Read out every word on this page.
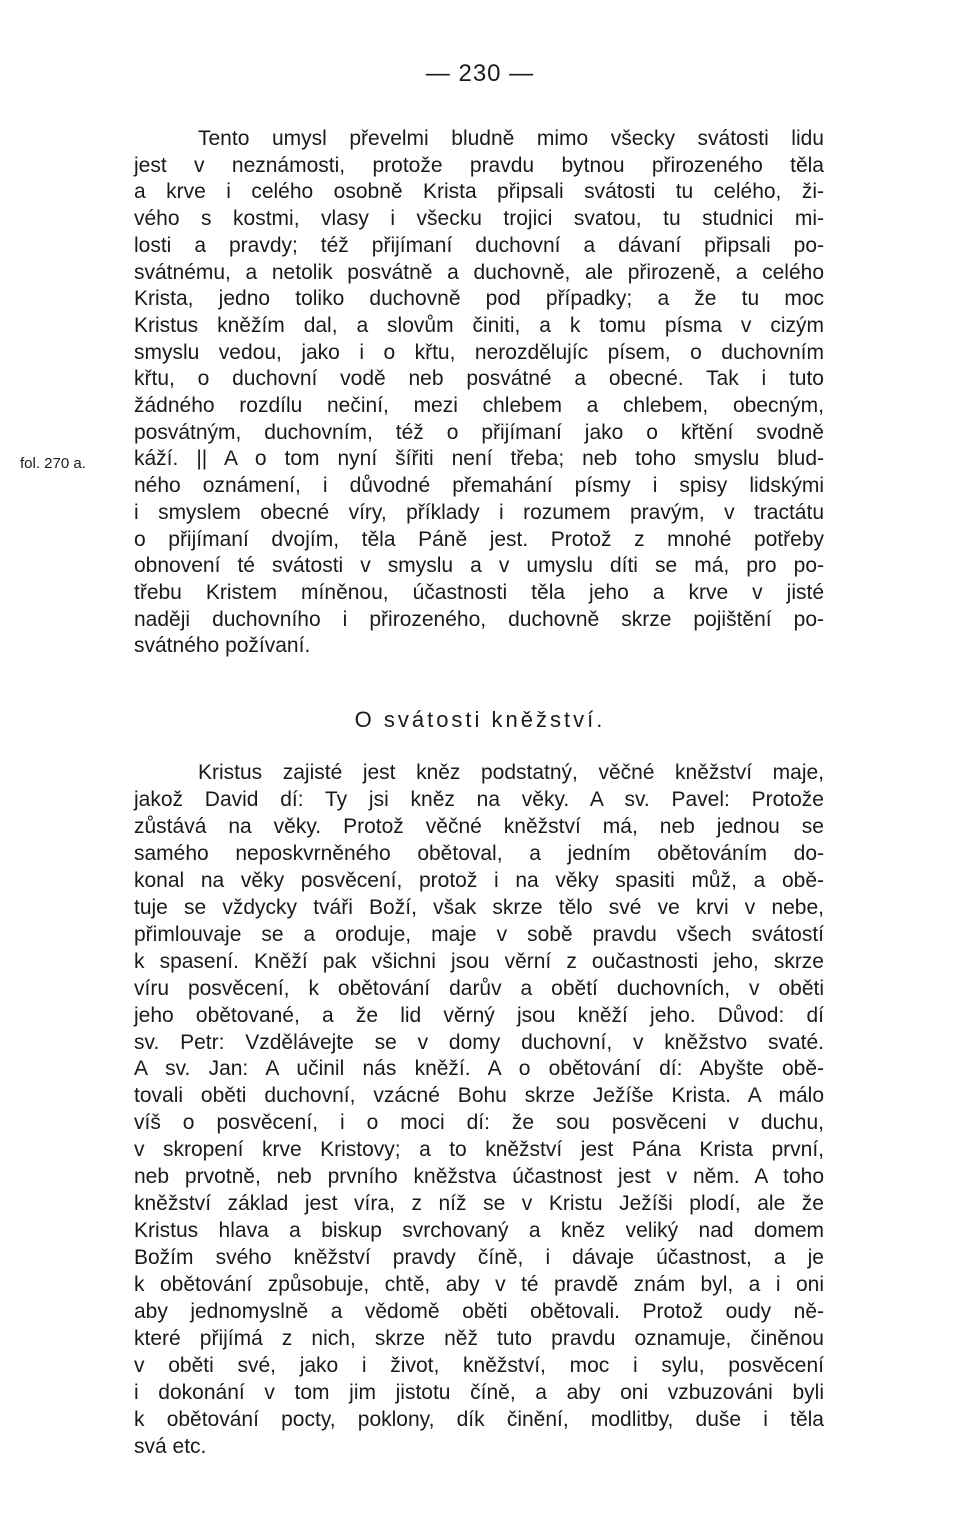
— 230 —
fol. 270 a.
Tento umysl převelmi bludně mimo všecky svátosti lidu
jest v neznámosti, protože pravdu bytnou přirozeného těla
a krve i celého osobně Krista připsali svátosti tu celého, ži-
vého s kostmi, vlasy i všecku trojici svatou, tu studnici mi-
losti a pravdy; též přijímaní duchovní a dávaní připsali po-
svátnému, a netolik posvátně a duchovně, ale přirozeně, a celého
Krista, jedno toliko duchovně pod případky; a že tu moc
Kristus kněžím dal, a slovům činiti, a k tomu písma v cizým
smyslu vedou, jako i o křtu, nerozdělujíc písem, o duchovním
křtu, o duchovní vodě neb posvátné a obecné. Tak i tuto
žádného rozdílu nečiní, mezi chlebem a chlebem, obecným,
posvátným, duchovním, též o přijímaní jako o křtění svodně
káží. || A o tom nyní šířiti není třeba; neb toho smyslu blud-
ného oznámení, i důvodné přemahání písmy i spisy lidskými
i smyslem obecné víry, příklady i rozumem pravým, v tractátu
o přijímaní dvojím, těla Páně jest. Protož z mnohé potřeby
obnovení té svátosti v smyslu a v umyslu díti se má, pro po-
třebu Kristem míněnou, účastnosti těla jeho a krve v jisté
naději duchovního i přirozeného, duchovně skrze pojištění po-
svátného požívaní.
O svátosti kněžství.
Kristus zajisté jest kněz podstatný, věčné kněžství maje,
jakož David dí: Ty jsi kněz na věky. A sv. Pavel: Protože
zůstává na věky. Protož věčné kněžství má, neb jednou se
samého neposkvrněného obětoval, a jedním obětováním do-
konal na věky posvěcení, protož i na věky spasiti můž, a obě-
tuje se vždycky tváři Boží, však skrze tělo své ve krvi v nebe,
přimlouvaje se a oroduje, maje v sobě pravdu všech svátostí
k spasení. Kněží pak všichni jsou věrní z oučastnosti jeho, skrze
víru posvěcení, k obětování darův a obětí duchovních, v oběti
jeho obětované, a že lid věrný jsou kněží jeho. Důvod: dí
sv. Petr: Vzdělávejte se v domy duchovní, v kněžstvo svaté.
A sv. Jan: A učinil nás kněží. A o obětování dí: Abyšte obě-
tovali oběti duchovní, vzácné Bohu skrze Ježíše Krista. A málo
víš o posvěcení, i o moci dí: že sou posvěceni v duchu,
v skropení krve Kristovy; a to kněžství jest Pána Krista první,
neb prvotně, neb prvního kněžstva účastnost jest v něm. A toho
kněžství základ jest víra, z níž se v Kristu Ježíši plodí, ale že
Kristus hlava a biskup svrchovaný a kněz veliký nad domem
Božím svého kněžství pravdy číně, i dávaje účastnost, a je
k obětování způsobuje, chtě, aby v té pravdě znám byl, a i oni
aby jednomyslně a vědomě oběti obětovali. Protož oudy ně-
které přijímá z nich, skrze něž tuto pravdu oznamuje, činěnou
v oběti své, jako i život, kněžství, moc i sylu, posvěcení
i dokonání v tom jim jistotu číně, a aby oni vzbuzováni byli
k obětování pocty, poklony, dík činění, modlitby, duše i těla
svá etc.
